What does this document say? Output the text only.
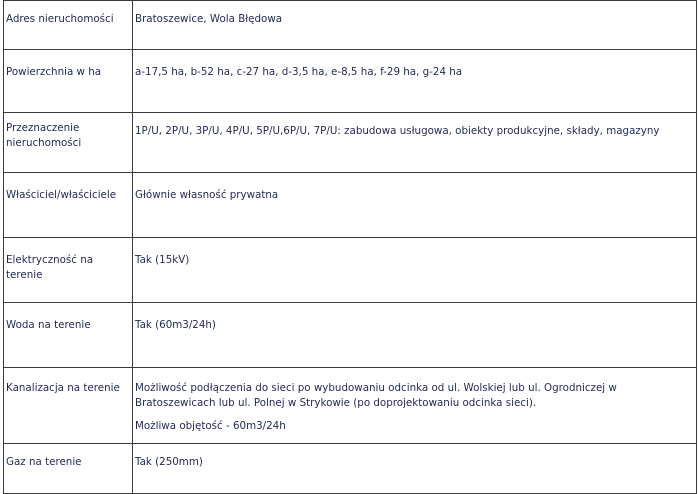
Adres nieruchomości	Bratoszewice, Wola Błędowa

Powierzchnia w ha	a-17,5 ha, b-52 ha, c-27 ha, d-3,5 ha, e-8,5 ha, f-29 ha, g-24 ha

Przeznaczenie nieruchomości	1P/U, 2P/U, 3P/U, 4P/U, 5P/U,6P/U, 7P/U: zabudowa usługowa, obiekty produkcyjne, składy, magazyny

Właściciel/właściciele	Głównie własność prywatna

Elektryczność na terenie	Tak (15kV)

Woda na terenie	Tak (60m3/24h)

Kanalizacja na terenie	Możliwość podłączenia do sieci po wybudowaniu odcinka od ul. Wolskiej lub ul. Ogrodniczej w Bratoszewicach lub ul. Polnej w Strykowie (po doprojektowaniu odcinka sieci).

Możliwa objętość - 60m3/24h

Gaz na terenie	Tak (250mm)
